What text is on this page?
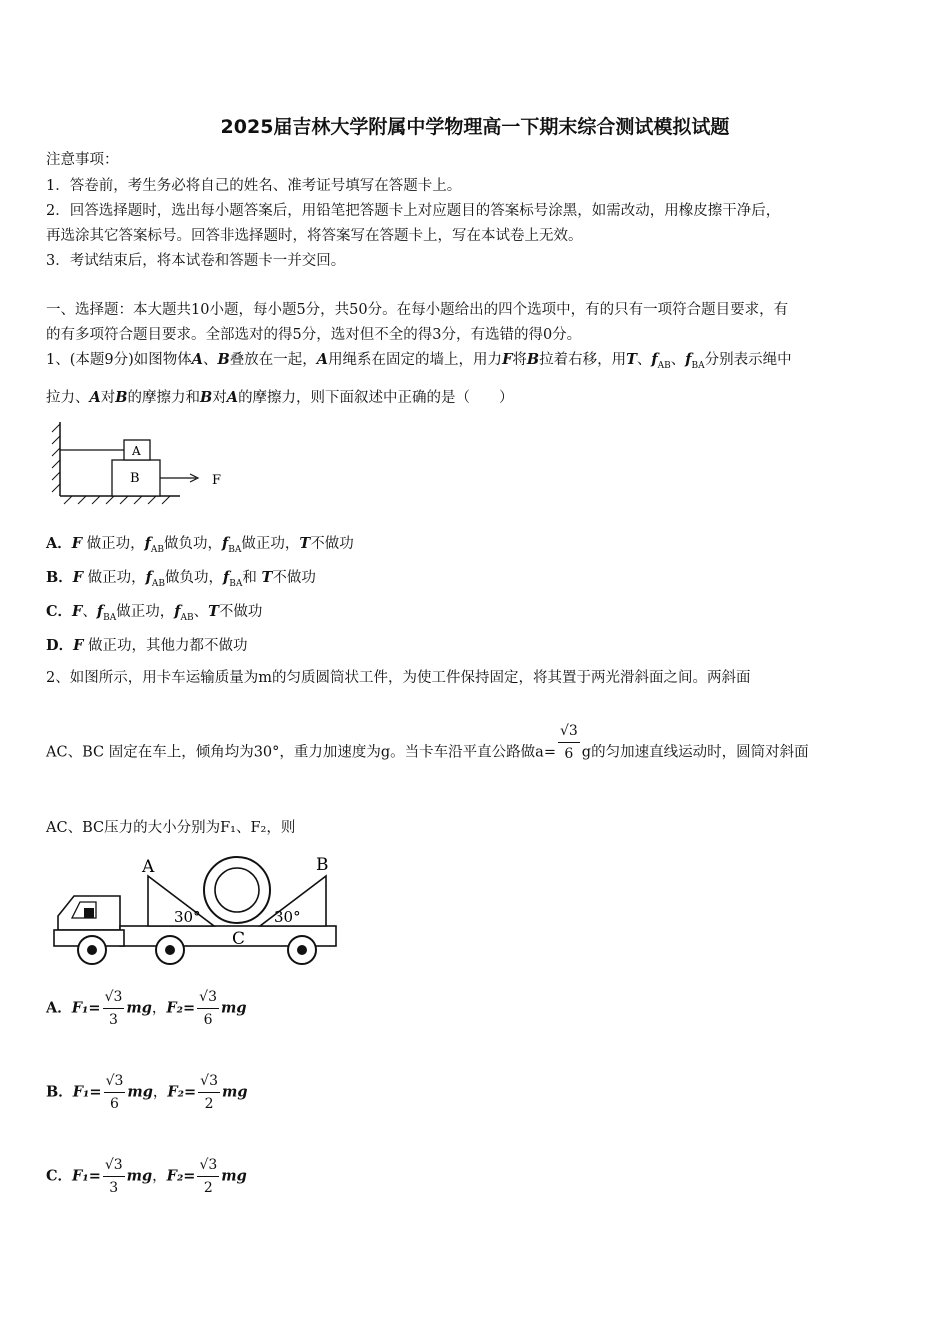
2025届吉林大学附属中学物理高一下期末综合测试模拟试题
注意事项：
1．答卷前，考生务必将自己的姓名、准考证号填写在答题卡上。
2．回答选择题时，选出每小题答案后，用铅笔把答题卡上对应题目的答案标号涂黑，如需改动，用橡皮擦干净后，
再选涂其它答案标号。回答非选择题时，将答案写在答题卡上，写在本试卷上无效。
3．考试结束后，将本试卷和答题卡一并交回。
一、选择题：本大题共10小题，每小题5分，共50分。在每小题给出的四个选项中，有的只有一项符合题目要求，有
的有多项符合题目要求。全部选对的得5分，选对但不全的得3分，有选错的得0分。
1、(本题9分)如图物体A、B叠放在一起，A用绳系在固定的墙上，用力F将B拉着右移，用T、$f_{AB}$、$f_{BA}$分别表示绳中
拉力、A对B的摩擦力和B对A的摩擦力，则下面叙述中正确的是（　　）
A
B	F
A．F 做正功，$f_{AB}$做负功，$f_{BA}$做正功，T不做功
B．F 做正功，$f_{AB}$做负功，$f_{BA}$和 T不做功
C．F、$f_{BA}$做正功，$f_{AB}$、T不做功
D．F 做正功，其他力都不做功
2、如图所示，用卡车运输质量为m的匀质圆筒状工件，为使工件保持固定，将其置于两光滑斜面之间。两斜面
AC、BC 固定在车上，倾角均为30°，重力加速度为g。当卡车沿平直公路做$a= \frac{√3}{6}$ g的匀加速直线运动时，圆筒对斜面
AC、BC压力的大小分别为F₁、F₂，则
A	B
C
30°	30°
A．$F_1= \frac{√3}{3}$ mg，$F_2= \frac{√3}{6}$ mg
B．$F_1= \frac{√3}{6}$ mg，$F_2= \frac{√3}{2}$ mg
C．$F_1= \frac{√3}{3}$ mg，$F_2= \frac{√3}{2}$ mg
